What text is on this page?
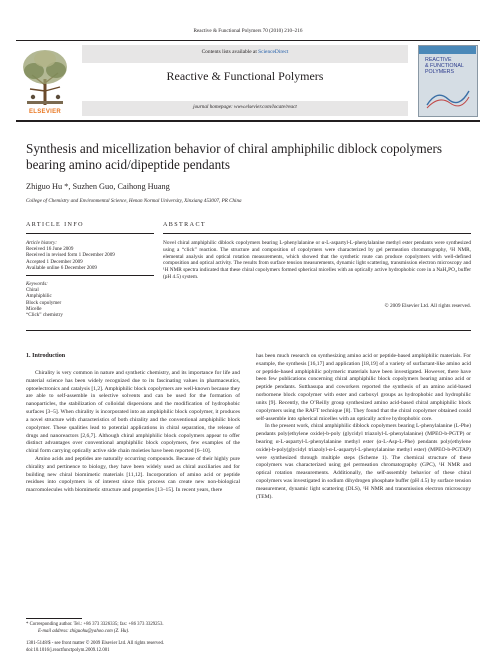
Reactive & Functional Polymers 70 (2010) 210–216
ELSEVIER
Contents lists available at ScienceDirect
Reactive & Functional Polymers
journal homepage: www.elsevier.com/locate/react
REACTIVE
& FUNCTIONAL
POLYMERS
Synthesis and micellization behavior of chiral amphiphilic diblock copolymers bearing amino acid/dipeptide pendants
Zhiguo Hu *, Suzhen Guo, Caihong Huang
College of Chemistry and Environmental Science, Henan Normal University, Xinxiang 453007, PR China
ARTICLE INFO	ABSTRACT
Article history:
Received 16 June 2009
Received in revised form 1 December 2009
Accepted 1 December 2009
Available online 6 December 2009
Keywords:
Chiral
Amphiphilic
Block copolymer
Micelle
“Click” chemistry
Novel chiral amphiphilic diblock copolymers bearing L-phenylalanine or α-L-aspartyl-L-phenylalanine methyl ester pendants were synthesized using a “click” reaction. The structure and composition of copolymers were characterized by gel permeation chromatography, ¹H NMR, elemental analysis and optical rotation measurements, which showed that the synthetic route can produce copolymers with well-defined composition and optical activity. The results from surface tension measurements, dynamic light scattering, transmission electron microscopy and ¹H NMR spectra indicated that these chiral copolymers formed spherical micelles with an optically active hydrophobic core in a NaH₂PO₄ buffer (pH 4.5) system.
© 2009 Elsevier Ltd. All rights reserved.
1. Introduction

Chirality is very common in nature and synthetic chemistry, and its importance for life and material science has been widely recognized due to its fascinating values in pharmaceutics, optoelectronics and catalysis [1,2]. Amphiphilic block copolymers are well-known because they are able to self-assemble in selective solvents and can be used for the formation of nanoparticles, the stabilization of colloidal dispersions and the modification of hydrophobic surfaces [3–5]. When chirality is incorporated into an amphiphilic block copolymer, it produces a novel structure with characteristics of both chirality and the conventional amphiphilic block copolymer. These qualities lead to potential applications in chiral separation, the release of drugs and nanoreactors [2,6,7]. Although chiral amphiphilic block copolymers appear to offer distinct advantages over conventional amphiphilic block copolymers, few examples of the chiral form carrying optically active side chain moieties have been reported [6–10].

Amino acids and peptides are naturally occurring compounds. Because of their highly pure chirality and pertinence to biology, they have been widely used as chiral auxiliaries and for building new chiral biomimetic materials [11,12]. Incorporation of amino acid or peptide residues into copolymers is of interest since this process can create new non-biological macromolecules with biomimetic structure and properties [13–15]. In recent years, there

has been much research on synthesizing amino acid or peptide-based amphiphilic materials. For example, the synthesis [16,17] and application [18,19] of a variety of surfactant-like amino acid or peptide-based amphiphilic polymeric materials have been investigated. However, there have been few publications concerning chiral amphiphilic block copolymers bearing amino acid or peptide pendants. Sutthasupa and coworkers reported the synthesis of an amino acid-based norbornene block copolymer with ester and carboxyl groups as hydrophobic and hydrophilic units [9]. Recently, the O’Reilly group synthesized amino acid-based chiral amphiphilic block copolymers using the RAFT technique [8]. They found that the chiral copolymer obtained could self-assemble into spherical micelles with an optically active hydrophobic core.

In the present work, chiral amphiphilic diblock copolymers bearing L-phenylalanine (L-Phe) pendants poly(ethylene oxide)-b-poly (glycidyl triazolyl-L-phenylalanine) (MPEO-b-PGTP) or bearing α-L-aspartyl-L-phenylalanine methyl ester (α-L-Asp-L-Phe) pendants poly(ethylene oxide)-b-poly(glycidyl triazolyl-α-L-aspartyl-L-phenylalanine methyl ester) (MPEO-b-PGTAP) were synthesized through multiple steps (Scheme 1). The chemical structure of these copolymers was characterized using gel permeation chromatography (GPC), ¹H NMR and optical rotation measurements. Additionally, the self-assembly behavior of these chiral copolymers was investigated in sodium dihydrogen phosphate buffer (pH 4.5) by surface tension measurement, dynamic light scattering (DLS), ¹H NMR and transmission electron microscopy (TEM).

* Corresponding author. Tel.: +86 373 3326335; fax: +86 373 3329253.
E-mail address: zhiguohu@yahoo.com (Z. Hu).
1381-5148/$ - see front matter © 2009 Elsevier Ltd. All rights reserved.
doi:10.1016/j.reactfunctpolym.2009.12.001
